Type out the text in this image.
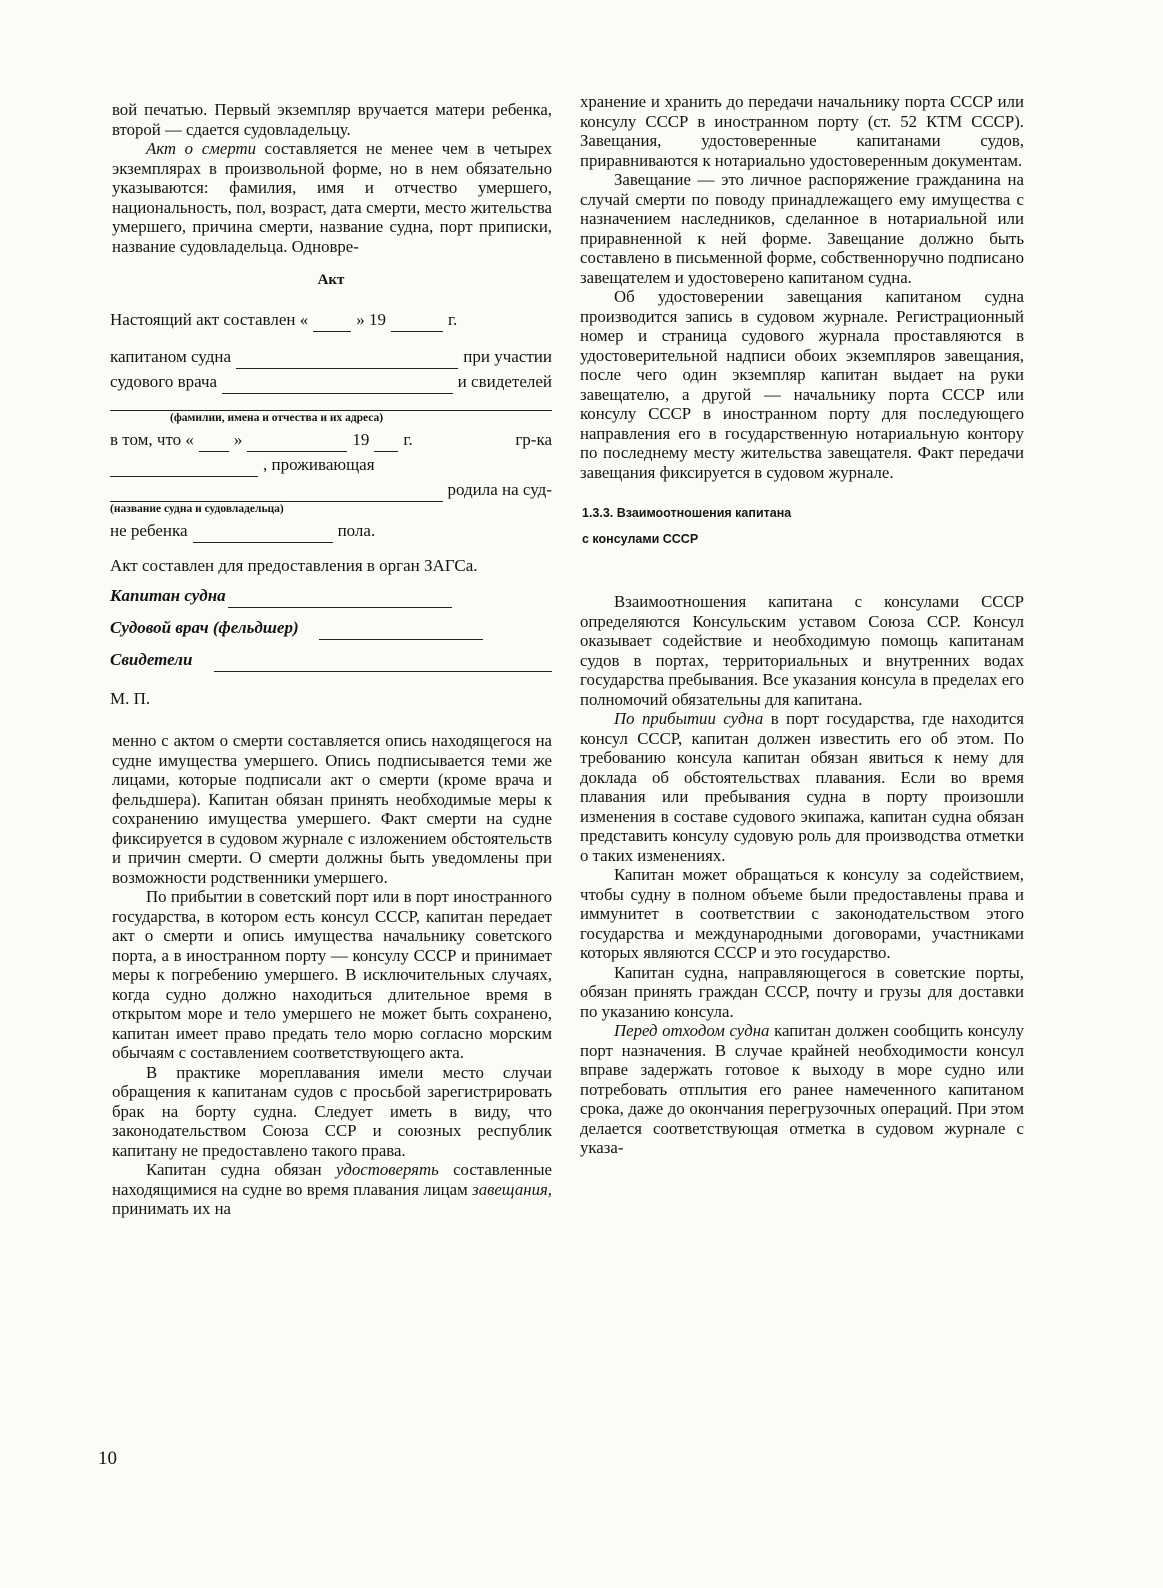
вой печатью. Первый экземпляр вручается матери ребенка, второй — сдается судовладельцу.

Акт о смерти составляется не менее чем в четырех экземплярах в произвольной форме, но в нем обязательно указываются: фамилия, имя и отчество умершего, национальность, пол, возраст, дата смерти, место жительства умершего, причина смерти, название судна, порт приписки, название судовладельца. Одновре-

Акт
Настоящий акт составлен «	» 19	г.
капитаном судна	при участии
судового врача	и свидетелей
(фамилии, имена и отчества и их адреса)
в том, что « »	19 г.	гр-ка
, проживающая
родила на суд-
(название судна и судовладельца)
не ребенка	пола.
Акт составлен для предоставления в орган ЗАГСа.
Капитан судна
Судовой врач (фельдшер)
Свидетели
М. П.

менно с актом о смерти составляется опись находящегося на судне имущества умершего. Опись подписывается теми же лицами, которые подписали акт о смерти (кроме врача и фельдшера). Капитан обязан принять необходимые меры к сохранению имущества умершего. Факт смерти на судне фиксируется в судовом журнале с изложением обстоятельств и причин смерти. О смерти должны быть уведомлены при возможности родственники умершего.

По прибытии в советский порт или в порт иностранного государства, в котором есть консул СССР, капитан передает акт о смерти и опись имущества начальнику советского порта, а в иностранном порту — консулу СССР и принимает меры к погребению умершего. В исключительных случаях, когда судно должно находиться длительное время в открытом море и тело умершего не может быть сохранено, капитан имеет право предать тело морю согласно морским обычаям с составлением соответствующего акта.

В практике мореплавания имели место случаи обращения к капитанам судов с просьбой зарегистрировать брак на борту судна. Следует иметь в виду, что законодательством Союза ССР и союзных республик капитану не предоставлено такого права.

Капитан судна обязан удостоверять составленные находящимися на судне во время плавания лицам завещания, принимать их на

хранение и хранить до передачи начальнику порта СССР или консулу СССР в иностранном порту (ст. 52 КТМ СССР). Завещания, удостоверенные капитанами судов, приравниваются к нотариально удостоверенным документам.

Завещание — это личное распоряжение гражданина на случай смерти по поводу принадлежащего ему имущества с назначением наследников, сделанное в нотариальной или приравненной к ней форме. Завещание должно быть составлено в письменной форме, собственноручно подписано завещателем и удостоверено капитаном судна.

Об удостоверении завещания капитаном судна производится запись в судовом журнале. Регистрационный номер и страница судового журнала проставляются в удостоверительной надписи обоих экземпляров завещания, после чего один экземпляр капитан выдает на руки завещателю, а другой — начальнику порта СССР или консулу СССР в иностранном порту для последующего направления его в государственную нотариальную контору по последнему месту жительства завещателя. Факт передачи завещания фиксируется в судовом журнале.

1.3.3. Взаимоотношения капитана
с консулами СССР

Взаимоотношения капитана с консулами СССР определяются Консульским уставом Союза ССР. Консул оказывает содействие и необходимую помощь капитанам судов в портах, территориальных и внутренних водах государства пребывания. Все указания консула в пределах его полномочий обязательны для капитана.

По прибытии судна в порт государства, где находится консул СССР, капитан должен известить его об этом. По требованию консула капитан обязан явиться к нему для доклада об обстоятельствах плавания. Если во время плавания или пребывания судна в порту произошли изменения в составе судового экипажа, капитан судна обязан представить консулу судовую роль для производства отметки о таких изменениях.

Капитан может обращаться к консулу за содействием, чтобы судну в полном объеме были предоставлены права и иммунитет в соответствии с законодательством этого государства и международными договорами, участниками которых являются СССР и это государство.

Капитан судна, направляющегося в советские порты, обязан принять граждан СССР, почту и грузы для доставки по указанию консула.

Перед отходом судна капитан должен сообщить консулу порт назначения. В случае крайней необходимости консул вправе задержать готовое к выходу в море судно или потребовать отплытия его ранее намеченного капитаном срока, даже до окончания перегрузочных операций. При этом делается соответствующая отметка в судовом журнале с указа-

10
